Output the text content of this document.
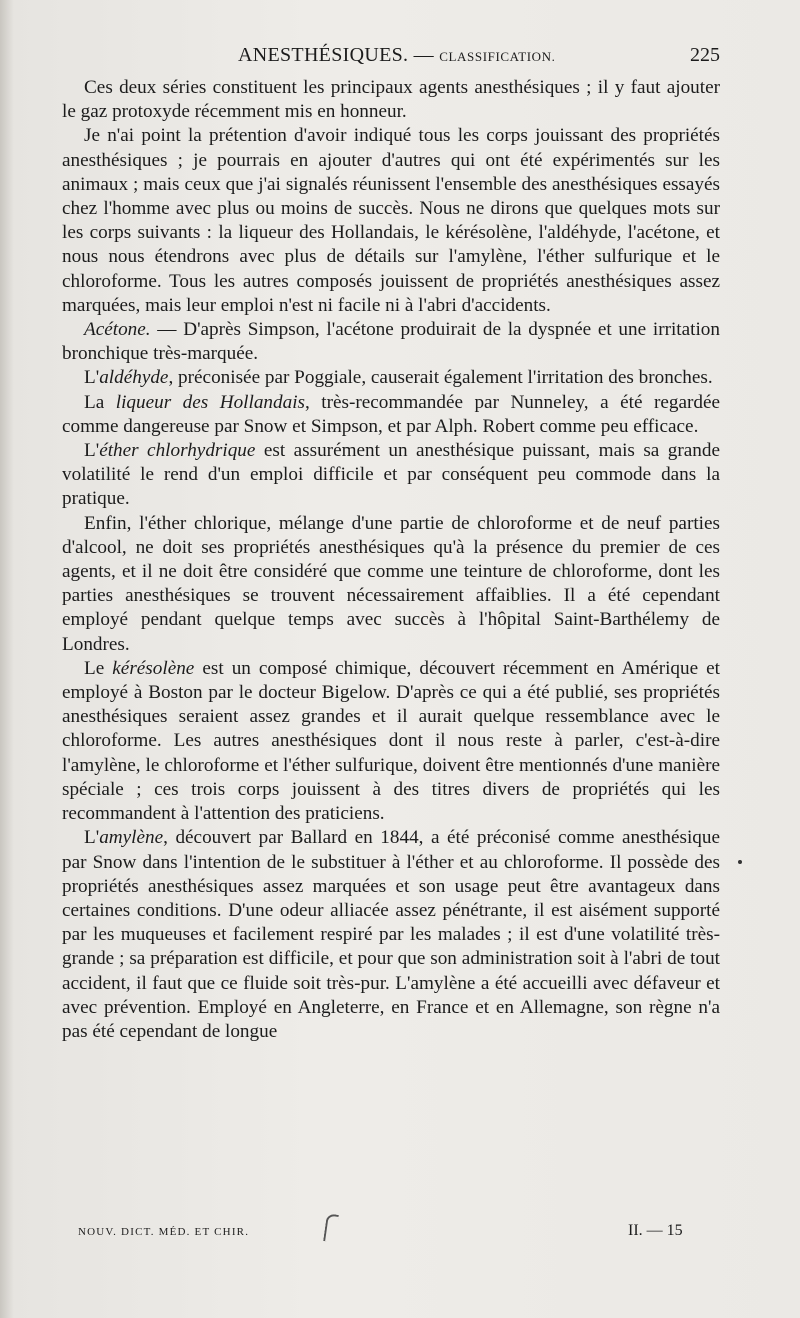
ANESTHÉSIQUES. — CLASSIFICATION.	225

Ces deux séries constituent les principaux agents anesthésiques ; il y faut ajouter le gaz protoxyde récemment mis en honneur.

Je n'ai point la prétention d'avoir indiqué tous les corps jouissant des propriétés anesthésiques ; je pourrais en ajouter d'autres qui ont été expérimentés sur les animaux ; mais ceux que j'ai signalés réunissent l'ensemble des anesthésiques essayés chez l'homme avec plus ou moins de succès. Nous ne dirons que quelques mots sur les corps suivants : la liqueur des Hollandais, le kérésolène, l'aldéhyde, l'acétone, et nous nous étendrons avec plus de détails sur l'amylène, l'éther sulfurique et le chloroforme. Tous les autres composés jouissent de propriétés anesthésiques assez marquées, mais leur emploi n'est ni facile ni à l'abri d'accidents.

Acétone. — D'après Simpson, l'acétone produirait de la dyspnée et une irritation bronchique très-marquée.

L'aldéhyde, préconisée par Poggiale, causerait également l'irritation des bronches.

La liqueur des Hollandais, très-recommandée par Nunneley, a été regardée comme dangereuse par Snow et Simpson, et par Alph. Robert comme peu efficace.

L'éther chlorhydrique est assurément un anesthésique puissant, mais sa grande volatilité le rend d'un emploi difficile et par conséquent peu commode dans la pratique.

Enfin, l'éther chlorique, mélange d'une partie de chloroforme et de neuf parties d'alcool, ne doit ses propriétés anesthésiques qu'à la présence du premier de ces agents, et il ne doit être considéré que comme une teinture de chloroforme, dont les parties anesthésiques se trouvent nécessairement affaiblies. Il a été cependant employé pendant quelque temps avec succès à l'hôpital Saint-Barthélemy de Londres.

Le kérésolène est un composé chimique, découvert récemment en Amérique et employé à Boston par le docteur Bigelow. D'après ce qui a été publié, ses propriétés anesthésiques seraient assez grandes et il aurait quelque ressemblance avec le chloroforme. Les autres anesthésiques dont il nous reste à parler, c'est-à-dire l'amylène, le chloroforme et l'éther sulfurique, doivent être mentionnés d'une manière spéciale ; ces trois corps jouissent à des titres divers de propriétés qui les recommandent à l'attention des praticiens.

L'amylène, découvert par Ballard en 1844, a été préconisé comme anesthésique par Snow dans l'intention de le substituer à l'éther et au chloroforme. Il possède des propriétés anesthésiques assez marquées et son usage peut être avantageux dans certaines conditions. D'une odeur alliacée assez pénétrante, il est aisément supporté par les muqueuses et facilement respiré par les malades ; il est d'une volatilité très-grande ; sa préparation est difficile, et pour que son administration soit à l'abri de tout accident, il faut que ce fluide soit très-pur. L'amylène a été accueilli avec défaveur et avec prévention. Employé en Angleterre, en France et en Allemagne, son règne n'a pas été cependant de longue

NOUV. DICT. MÉD. ET CHIR.	II. — 15
